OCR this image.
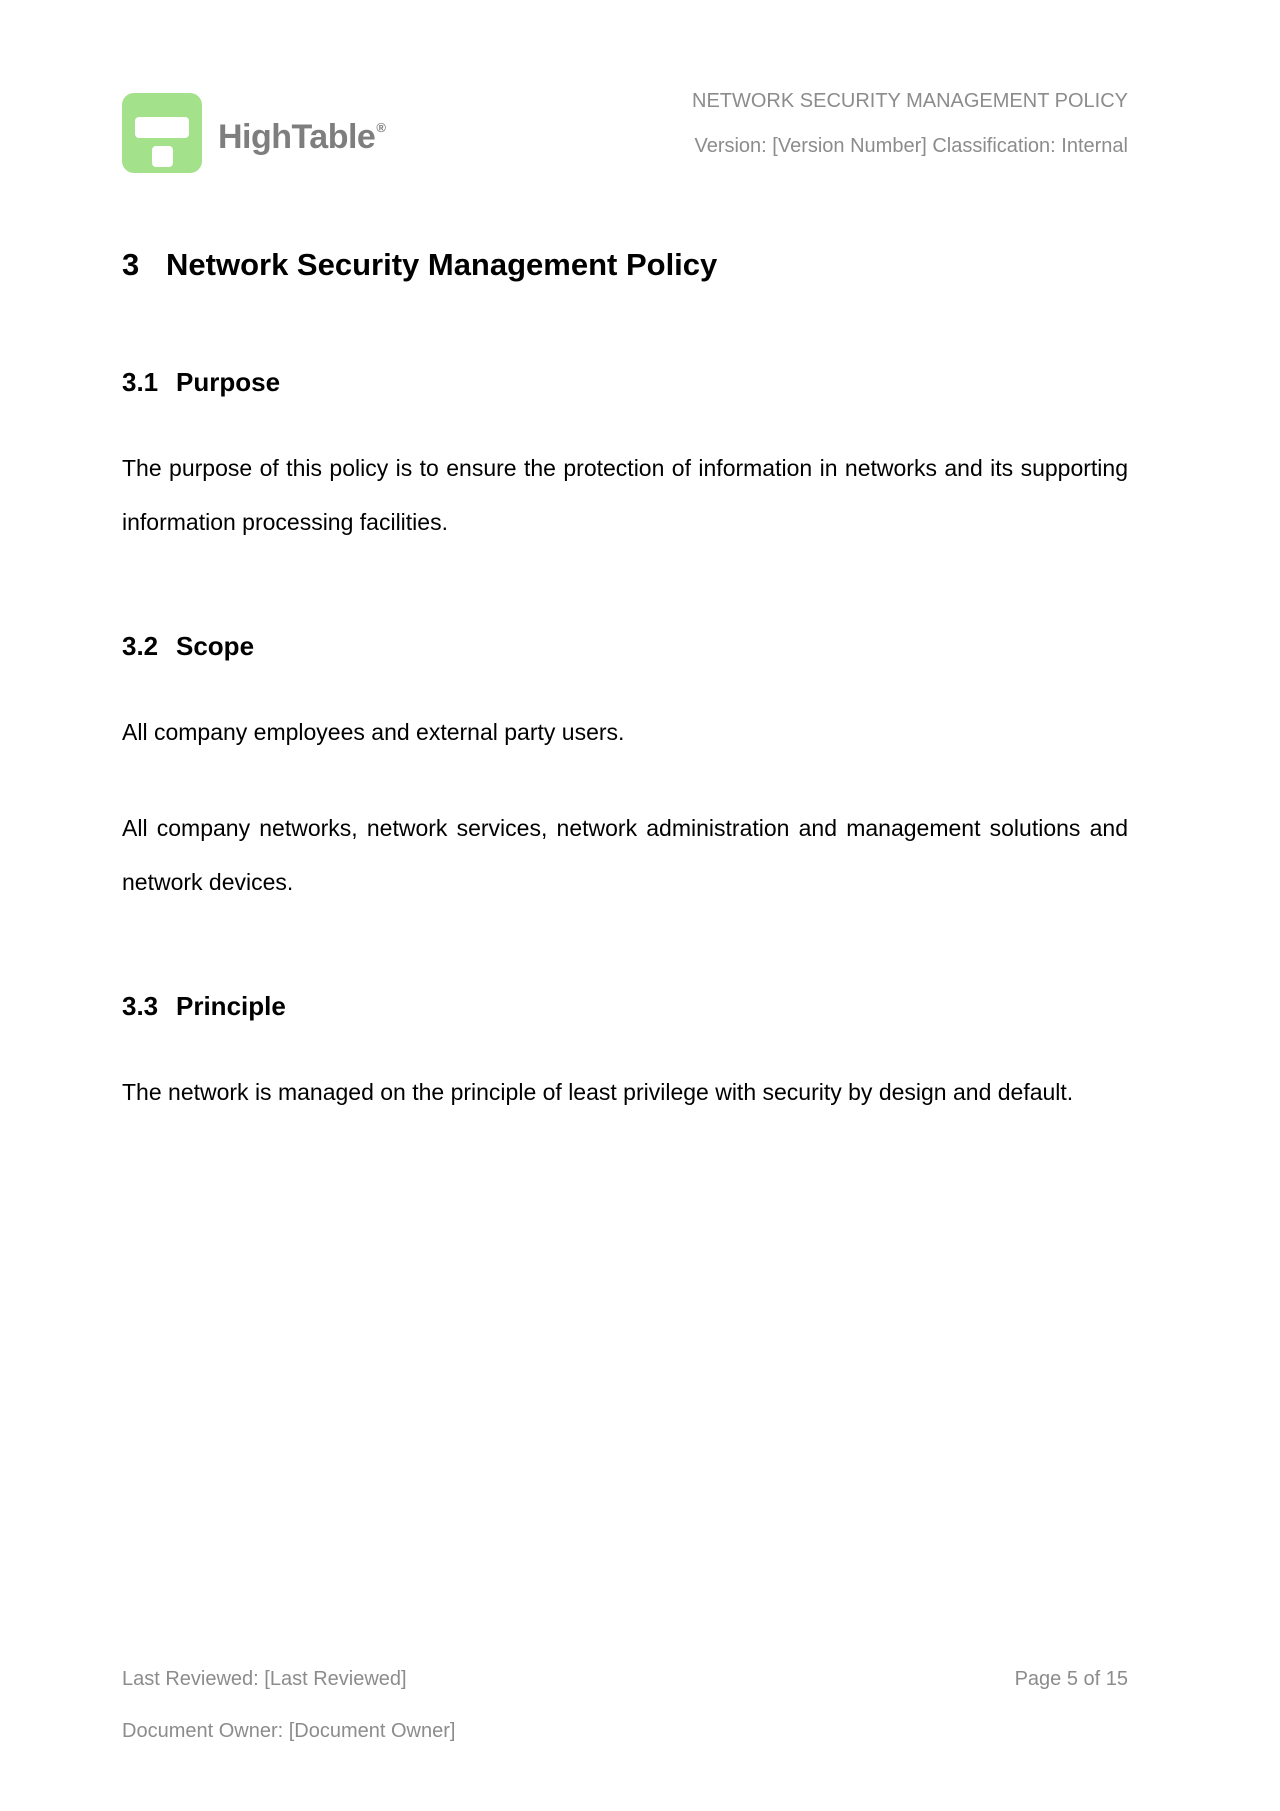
HighTable®
NETWORK SECURITY MANAGEMENT POLICY
Version: [Version Number] Classification: Internal
3 Network Security Management Policy
3.1 Purpose

The purpose of this policy is to ensure the protection of information in networks and its supporting information processing facilities.

3.2 Scope

All company employees and external party users.

All company networks, network services, network administration and management solutions and network devices.

3.3 Principle

The network is managed on the principle of least privilege with security by design and default.

Last Reviewed: [Last Reviewed]	Page 5 of 15
Document Owner: [Document Owner]
